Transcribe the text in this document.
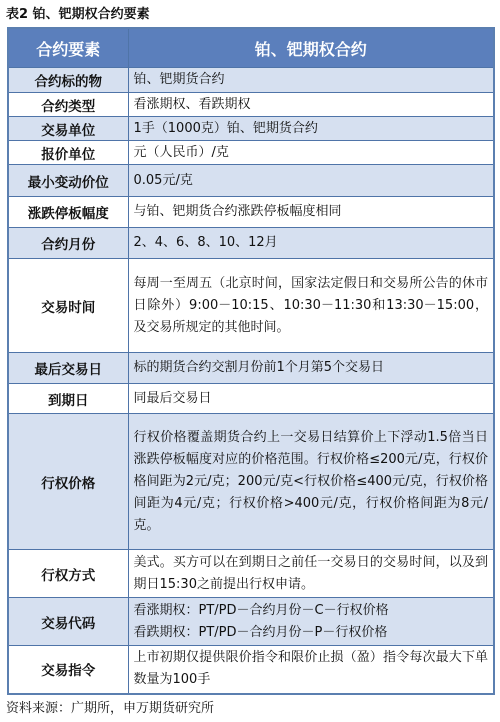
表2 铂、钯期权合约要素
合约要素	铂、钯期权合约
合约标的物	铂、钯期货合约
合约类型	看涨期权、看跌期权
交易单位	1手（1000克）铂、钯期货合约
报价单位	元（人民币）/克
最小变动价位	0.05元/克
涨跌停板幅度	与铂、钯期货合约涨跌停板幅度相同
合约月份	2、4、6、8、10、12月
交易时间	每周一至周五（北京时间，国家法定假日和交易所公告的休市日除外）9:00－10:15、10:30－11:30和13:30－15:00，及交易所规定的其他时间。
最后交易日	标的期货合约交割月份前1个月第5个交易日
到期日	同最后交易日
行权价格	行权价格覆盖期货合约上一交易日结算价上下浮动1.5倍当日涨跌停板幅度对应的价格范围。行权价格≤200元/克，行权价格间距为2元/克；200元/克<行权价格≤400元/克，行权价格间距为4元/克；行权价格>400元/克，行权价格间距为8元/克。
行权方式	美式。买方可以在到期日之前任一交易日的交易时间，以及到期日15:30之前提出行权申请。
交易代码	看涨期权：PT/PD－合约月份－C－行权价格
看跌期权：PT/PD－合约月份－P－行权价格

交易指令	上市初期仅提供限价指令和限价止损（盈）指令每次最大下单数量为100手
资料来源：广期所，申万期货研究所
